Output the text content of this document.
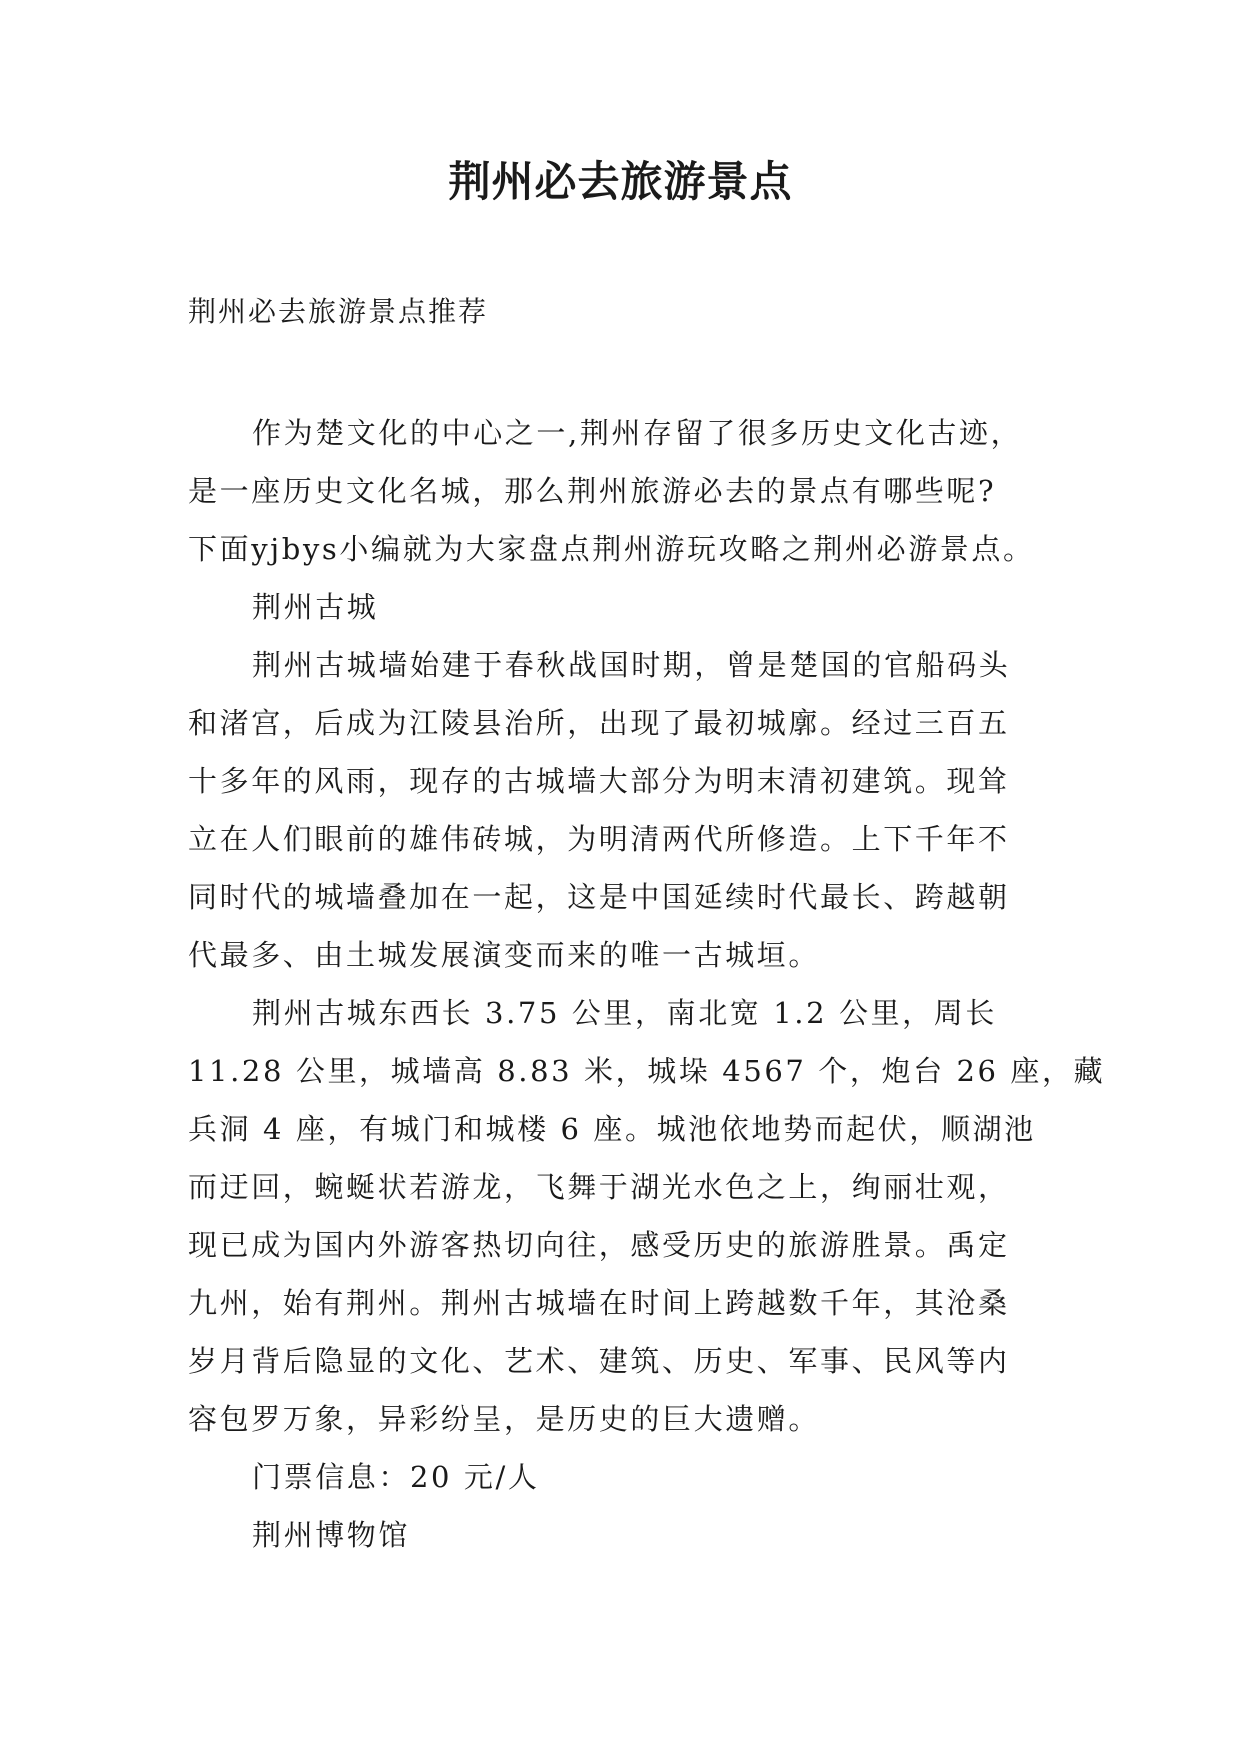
荆州必去旅游景点
荆州必去旅游景点推荐
作为楚文化的中心之一,荆州存留了很多历史文化古迹，
是一座历史文化名城，那么荆州旅游必去的景点有哪些呢?
下面yjbys小编就为大家盘点荆州游玩攻略之荆州必游景点。
荆州古城
荆州古城墙始建于春秋战国时期，曾是楚国的官船码头
和渚宫，后成为江陵县治所，出现了最初城廓。经过三百五
十多年的风雨，现存的古城墙大部分为明末清初建筑。现耸
立在人们眼前的雄伟砖城，为明清两代所修造。上下千年不
同时代的城墙叠加在一起，这是中国延续时代最长、跨越朝
代最多、由土城发展演变而来的唯一古城垣。
荆州古城东西长 3.75 公里，南北宽 1.2 公里，周长
11.28 公里，城墙高 8.83 米，城垛 4567 个，炮台 26 座，藏
兵洞 4 座，有城门和城楼 6 座。城池依地势而起伏，顺湖池
而迂回，蜿蜒状若游龙，飞舞于湖光水色之上，绚丽壮观，
现已成为国内外游客热切向往，感受历史的旅游胜景。禹定
九州，始有荆州。荆州古城墙在时间上跨越数千年，其沧桑
岁月背后隐显的文化、艺术、建筑、历史、军事、民风等内
容包罗万象，异彩纷呈，是历史的巨大遗赠。
门票信息：20 元/人
荆州博物馆
